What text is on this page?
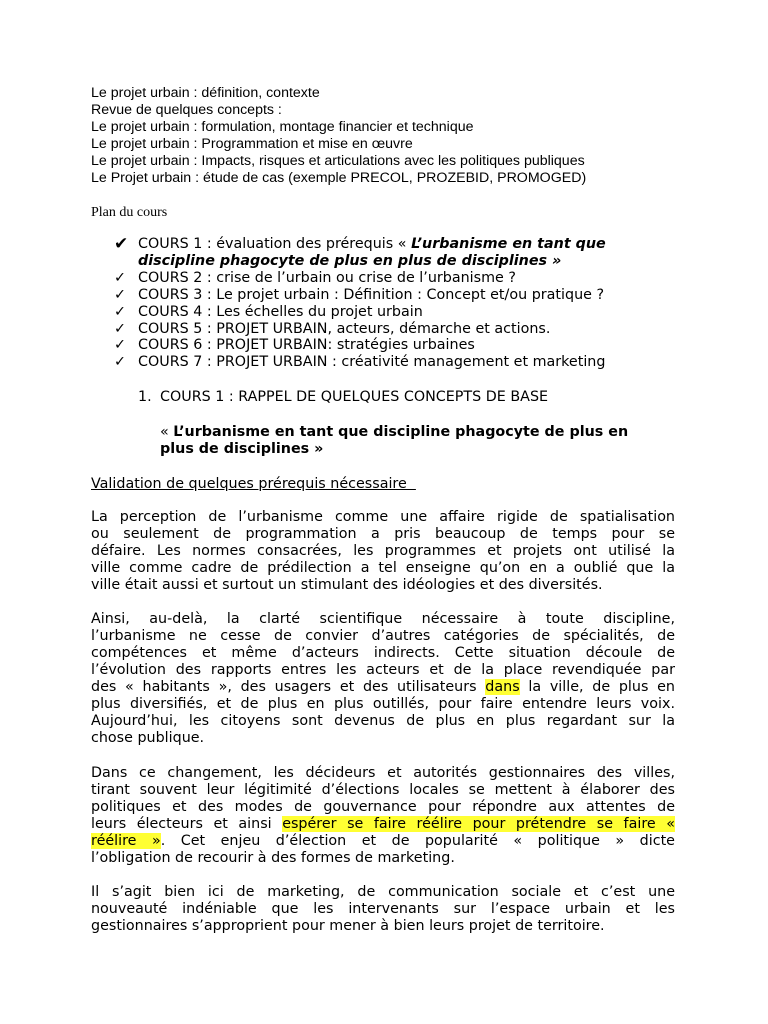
Le projet urbain : définition, contexte
Revue de quelques concepts :
Le projet urbain : formulation, montage financier et technique
Le projet urbain : Programmation et mise en œuvre
Le projet urbain : Impacts, risques et articulations avec les politiques publiques
Le Projet urbain : étude de cas (exemple PRECOL, PROZEBID, PROMOGED)
Plan du cours
✔ COURS 1 : évaluation des prérequis « L’urbanisme en tant que
discipline phagocyte de plus en plus de disciplines »
✓ COURS 2 : crise de l’urbain ou crise de l’urbanisme ?
✓ COURS 3 : Le projet urbain : Définition : Concept et/ou pratique ?
✓ COURS 4 : Les échelles du projet urbain
✓ COURS 5 : PROJET URBAIN, acteurs, démarche et actions.
✓ COURS 6 : PROJET URBAIN: stratégies urbaines
✓ COURS 7 : PROJET URBAIN : créativité management et marketing
1. COURS 1 : RAPPEL DE QUELQUES CONCEPTS DE BASE
« L’urbanisme en tant que discipline phagocyte de plus en
plus de disciplines »
Validation de quelques prérequis nécessaire
La perception de l’urbanisme comme une affaire rigide de spatialisation
ou seulement de programmation a pris beaucoup de temps pour se
défaire. Les normes consacrées, les programmes et projets ont utilisé la
ville comme cadre de prédilection a tel enseigne qu’on en a oublié que la
ville était aussi et surtout un stimulant des idéologies et des diversités.
Ainsi, au-delà, la clarté scientifique nécessaire à toute discipline,
l’urbanisme ne cesse de convier d’autres catégories de spécialités, de
compétences et même d’acteurs indirects. Cette situation découle de
l’évolution des rapports entres les acteurs et de la place revendiquée par
des « habitants », des usagers et des utilisateurs dans la ville, de plus en
plus diversifiés, et de plus en plus outillés, pour faire entendre leurs voix.
Aujourd’hui, les citoyens sont devenus de plus en plus regardant sur la
chose publique.
Dans ce changement, les décideurs et autorités gestionnaires des villes,
tirant souvent leur légitimité d’élections locales se mettent à élaborer des
politiques et des modes de gouvernance pour répondre aux attentes de
leurs électeurs et ainsi espérer se faire réélire pour prétendre se faire «
réélire ». Cet enjeu d’élection et de popularité « politique » dicte
l’obligation de recourir à des formes de marketing.
Il s’agit bien ici de marketing, de communication sociale et c’est une
nouveauté indéniable que les intervenants sur l’espace urbain et les
gestionnaires s’approprient pour mener à bien leurs projet de territoire.
